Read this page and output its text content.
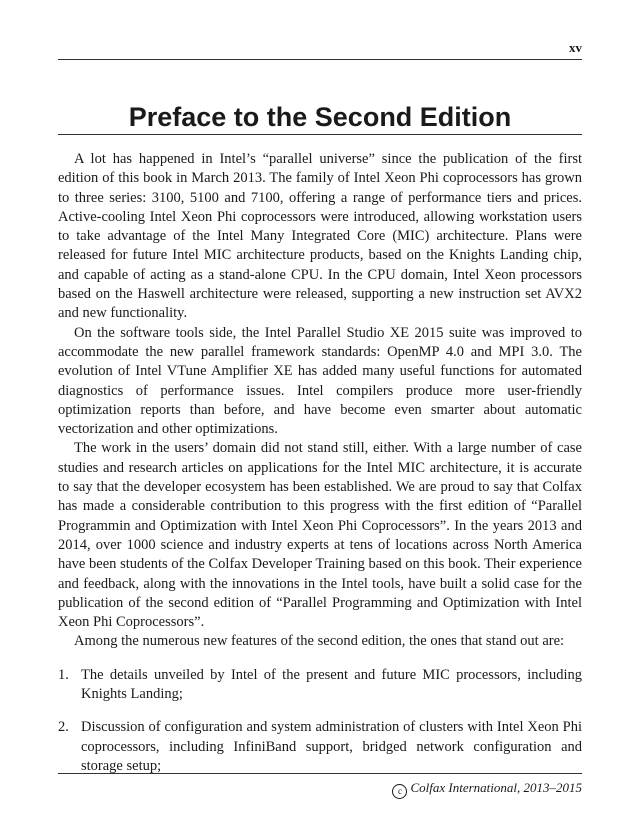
xv
Preface to the Second Edition

A lot has happened in Intel’s “parallel universe” since the publication of the first edition of this book in March 2013. The family of Intel Xeon Phi coprocessors has grown to three series: 3100, 5100 and 7100, offering a range of performance tiers and prices. Active-cooling Intel Xeon Phi coprocessors were introduced, allowing workstation users to take advantage of the Intel Many Integrated Core (MIC) architecture. Plans were released for future Intel MIC architecture products, based on the Knights Landing chip, and capable of acting as a stand-alone CPU. In the CPU domain, Intel Xeon processors based on the Haswell architecture were released, supporting a new instruction set AVX2 and new functionality.

On the software tools side, the Intel Parallel Studio XE 2015 suite was improved to accommodate the new parallel framework standards: OpenMP 4.0 and MPI 3.0. The evolution of Intel VTune Amplifier XE has added many useful functions for automated diagnostics of performance issues. Intel compilers produce more user-friendly optimization reports than before, and have become even smarter about automatic vectorization and other optimizations.

The work in the users’ domain did not stand still, either. With a large number of case studies and research articles on applications for the Intel MIC architecture, it is accurate to say that the developer ecosystem has been established. We are proud to say that Colfax has made a considerable contribution to this progress with the first edition of “Parallel Programmin and Optimization with Intel Xeon Phi Coprocessors”. In the years 2013 and 2014, over 1000 science and industry experts at tens of locations across North America have been students of the Colfax Developer Training based on this book. Their experience and feedback, along with the innovations in the Intel tools, have built a solid case for the publication of the second edition of “Parallel Programming and Optimization with Intel Xeon Phi Coprocessors”.

Among the numerous new features of the second edition, the ones that stand out are:

1. The details unveiled by Intel of the present and future MIC processors, including Knights Landing;
2. Discussion of configuration and system administration of clusters with Intel Xeon Phi coprocessors, including InfiniBand support, bridged network configuration and storage setup;
c Colfax International, 2013–2015
